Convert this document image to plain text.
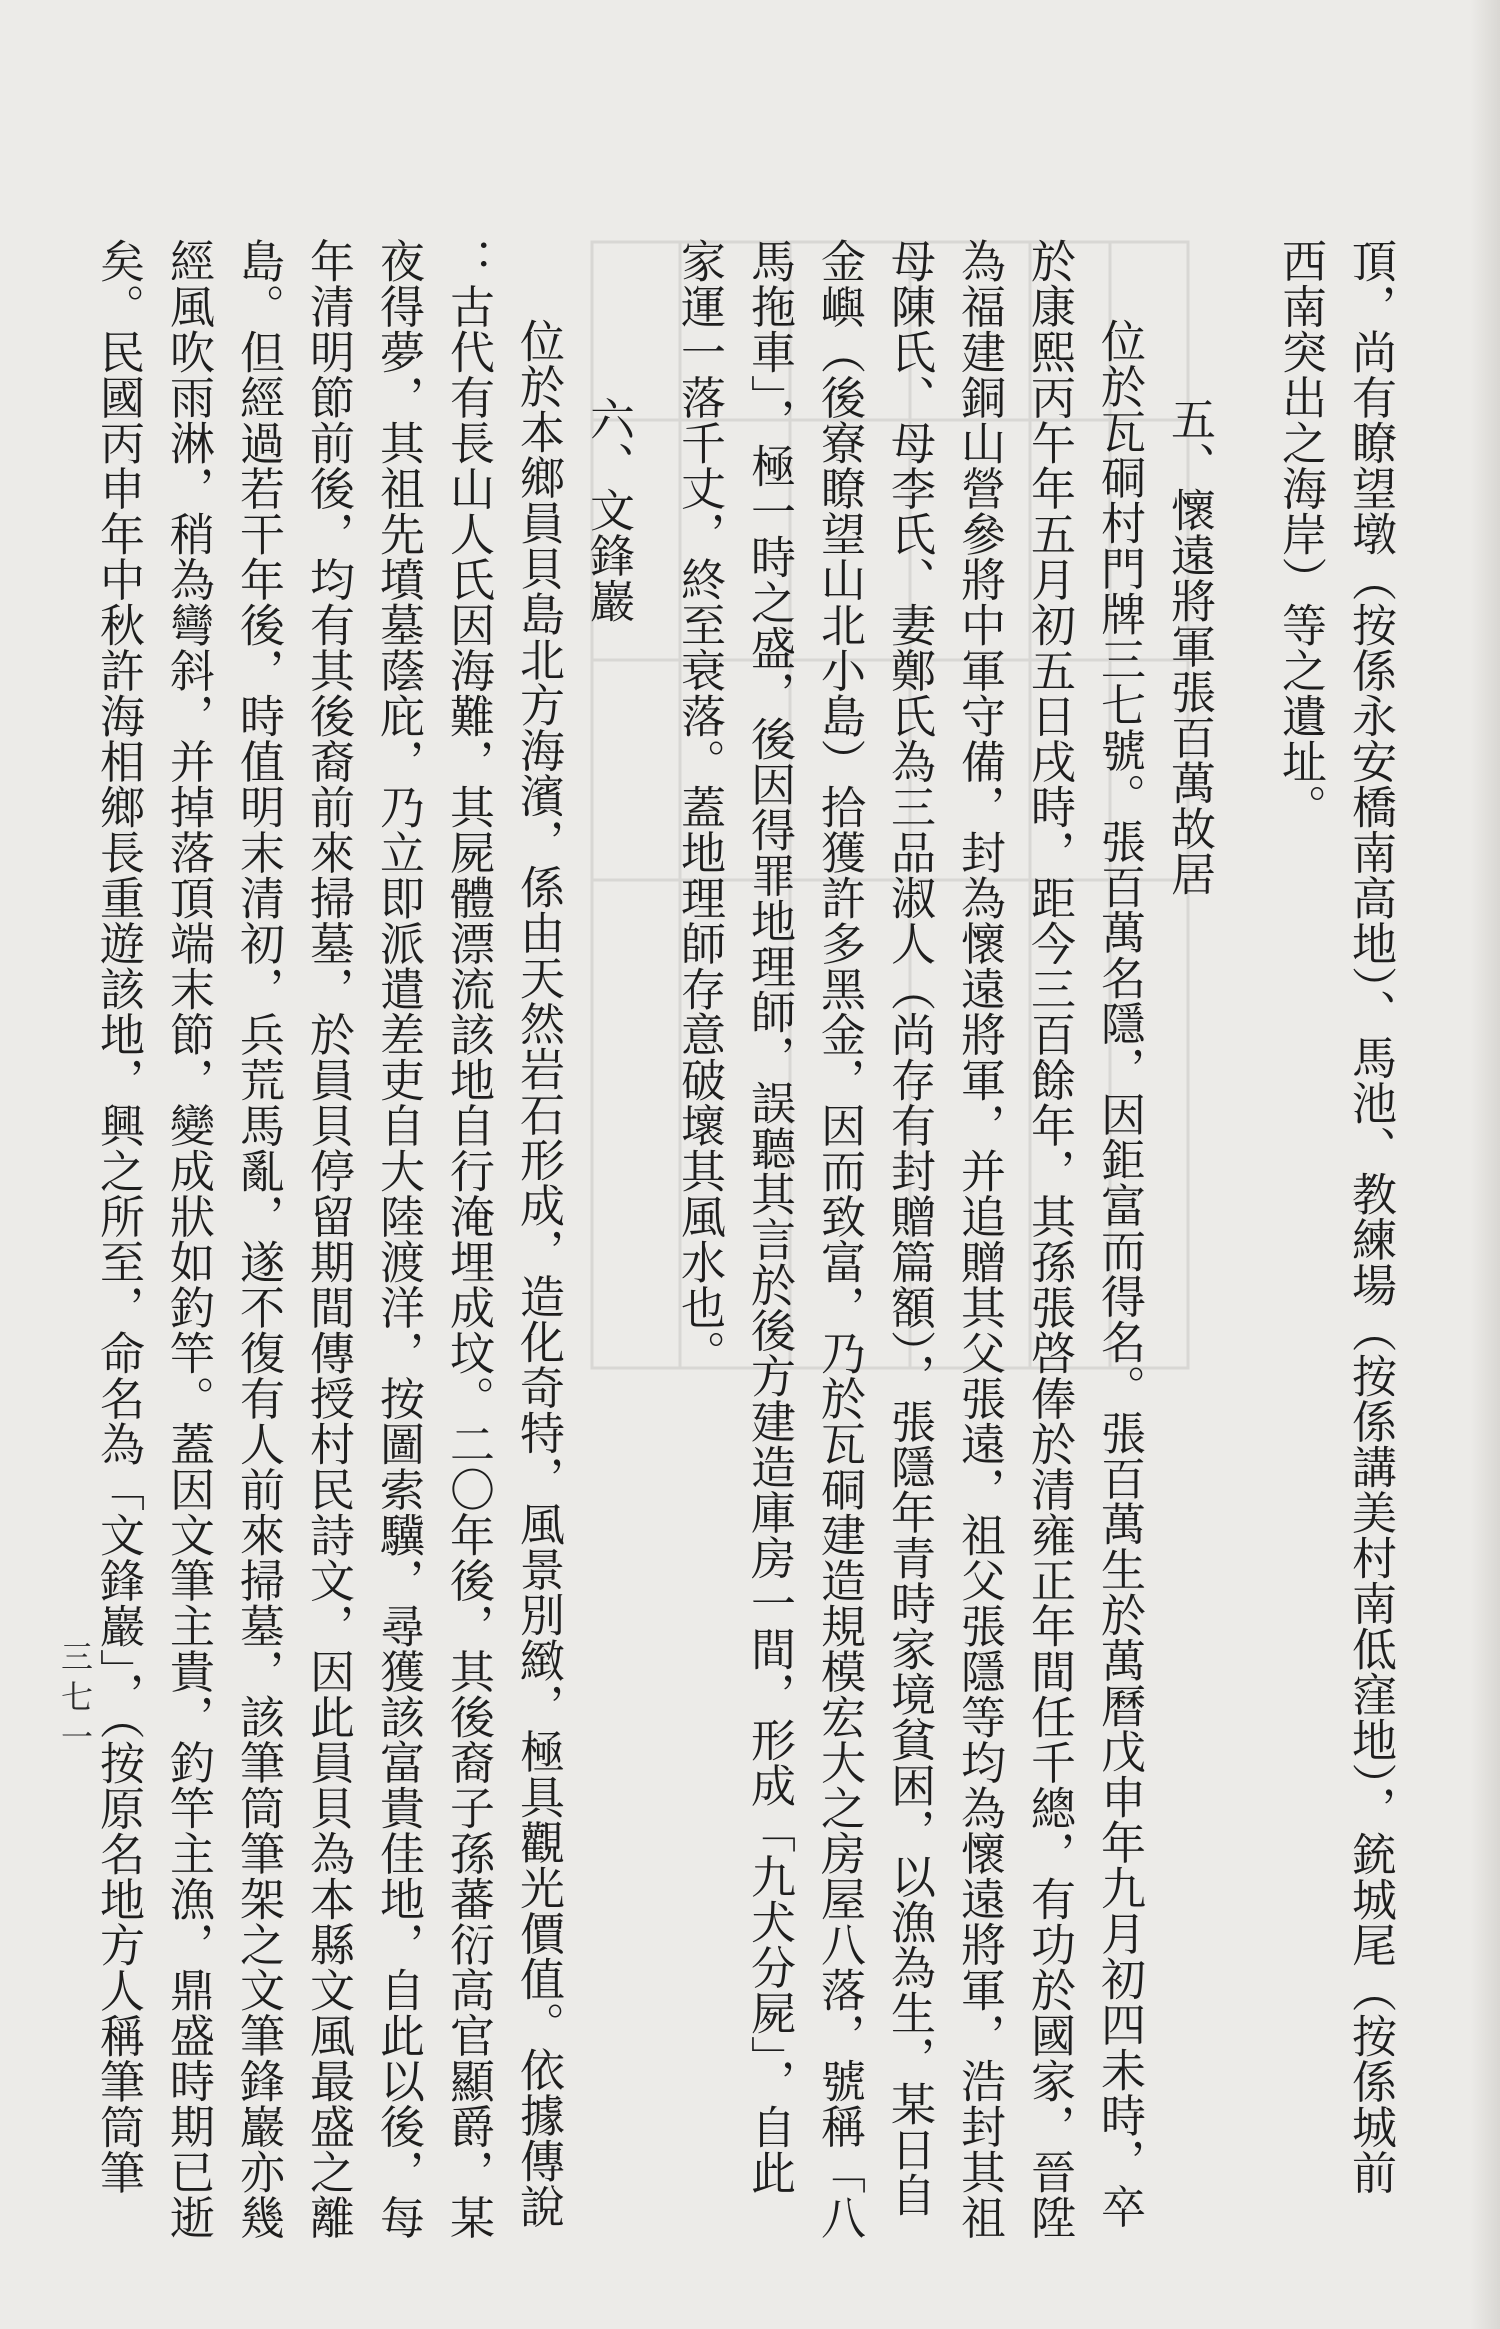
頂，尚有瞭望墩（按係永安橋南高地）、馬池、教練場（按係講美村南低窪地），銃城尾（按係城前
西南突出之海岸）等之遺址。
五、懷遠將軍張百萬故居
位於瓦硐村門牌三七號。張百萬名隱，因鉅富而得名。張百萬生於萬曆戊申年九月初四未時，卒
於康熙丙午年五月初五日戌時，距今三百餘年，其孫張啓俸於清雍正年間任千總，有功於國家，晉陞
為福建銅山營參將中軍守備，封為懷遠將軍，并追贈其父張遠，祖父張隱等均為懷遠將軍，浩封其祖
母陳氏、母李氏、妻鄭氏為三品淑人（尚存有封贈篇額），張隱年青時家境貧困，以漁為生，某日自
金嶼（後寮瞭望山北小島）拾獲許多黑金，因而致富，乃於瓦硐建造規模宏大之房屋八落，號稱「八
馬拖車」，極一時之盛，後因得罪地理師，誤聽其言於後方建造庫房一間，形成「九犬分屍」，自此
家運一落千丈，終至衰落。蓋地理師存意破壞其風水也。
六、文鋒巖
位於本鄉員貝島北方海濱，係由天然岩石形成，造化奇特，風景別緻，極具觀光價值。依據傳說
：古代有長山人氏因海難，其屍體漂流該地自行淹埋成坟。二〇年後，其後裔子孫蕃衍高官顯爵，某
夜得夢，其祖先墳墓蔭庇，乃立即派遣差吏自大陸渡洋，按圖索驥，尋獲該富貴佳地，自此以後，每
年清明節前後，均有其後裔前來掃墓，於員貝停留期間傳授村民詩文，因此員貝為本縣文風最盛之離
島。但經過若干年後，時值明末清初，兵荒馬亂，遂不復有人前來掃墓，該筆筒筆架之文筆鋒巖亦幾
經風吹雨淋，稍為彎斜，并掉落頂端末節，變成狀如釣竿。蓋因文筆主貴，釣竿主漁，鼎盛時期已逝
矣。民國丙申年中秋許海相鄉長重遊該地，興之所至，命名為「文鋒巖」，（按原名地方人稱筆筒筆
三七一
